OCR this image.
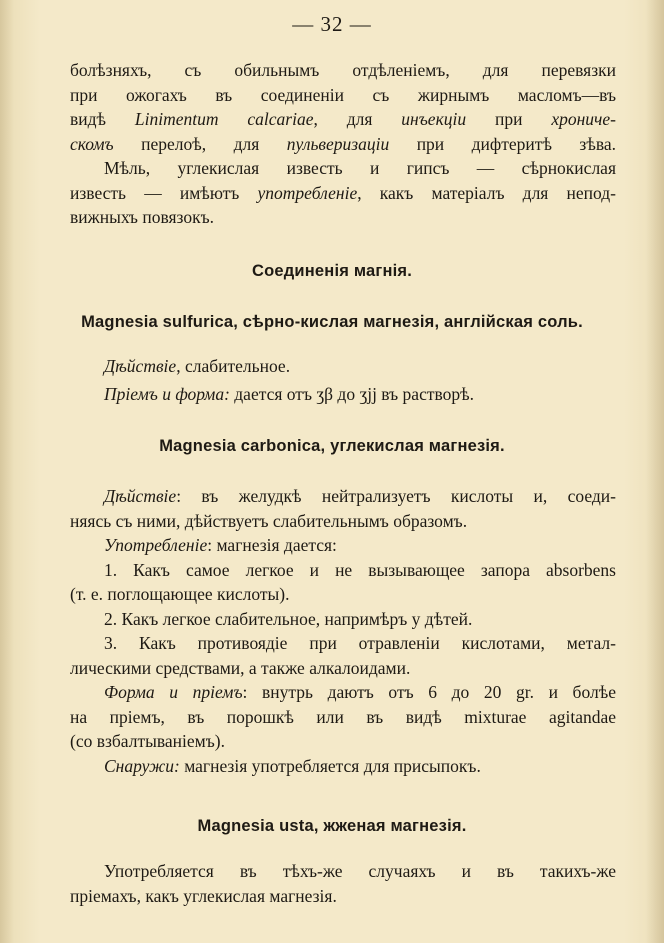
— 32 —
болѣзняхъ, съ обильнымъ отдѣленіемъ, для перевязки
при ожогахъ въ соединеніи съ жирнымъ масломъ—въ
видѣ Linimentum calcariae, для инъекціи при хрониче-
скомъ перелоѣ, для пульверизаціи при дифтеритѣ зѣва.
Мѣль, углекислая известь и гипсъ — сѣрнокислая
известь — имѣютъ употребленіе, какъ матеріалъ для непод-
вижныхъ повязокъ.
Соединенія магнія.
Magnesia sulfurica, сѣрно-кислая магнезія, англійская соль.
Дѣйствіе, слабительное.
Пріемъ и форма: дается отъ ʒβ до ʒjj въ растворѣ.
Magnesia carbonica, углекислая магнезія.
Дѣйствіе: въ желудкѣ нейтрализуетъ кислоты и, соеди-
няясь съ ними, дѣйствуетъ слабительнымъ образомъ.
Употребленіе: магнезія дается:
1. Какъ самое легкое и не вызывающее запора absorbens
(т. е. поглощающее кислоты).
2. Какъ легкое слабительное, напримѣръ у дѣтей.
3. Какъ противоядіе при отравленіи кислотами, метал-
лическими средствами, а также алкалоидами.
Форма и пріемъ: внутрь даютъ отъ 6 до 20 gr. и болѣе
на пріемъ, въ порошкѣ или въ видѣ mixturae agitandae
(со взбалтываніемъ).
Снаружи: магнезія употребляется для присыпокъ.
Magnesia usta, жженая магнезія.
Употребляется въ тѣхъ-же случаяхъ и въ такихъ-же
пріемахъ, какъ углекислая магнезія.
